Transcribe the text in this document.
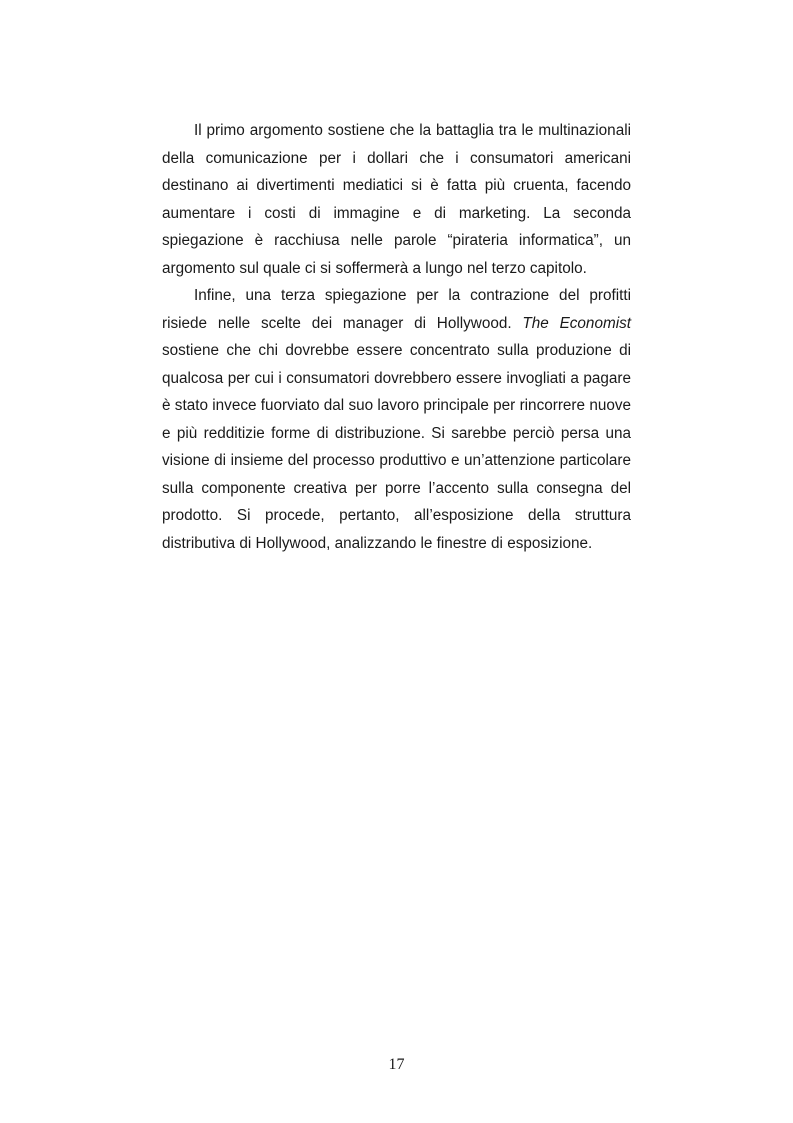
Il primo argomento sostiene che la battaglia tra le multinazionali della comunicazione per i dollari che i consumatori americani destinano ai divertimenti mediatici si è fatta più cruenta, facendo aumentare i costi di immagine e di marketing. La seconda spiegazione è racchiusa nelle parole “pirateria informatica”, un argomento sul quale ci si soffermerà a lungo nel terzo capitolo.

Infine, una terza spiegazione per la contrazione del profitti risiede nelle scelte dei manager di Hollywood. The Economist sostiene che chi dovrebbe essere concentrato sulla produzione di qualcosa per cui i consumatori dovrebbero essere invogliati a pagare è stato invece fuorviato dal suo lavoro principale per rincorrere nuove e più redditizie forme di distribuzione. Si sarebbe perciò persa una visione di insieme del processo produttivo e un’attenzione particolare sulla componente creativa per porre l’accento sulla consegna del prodotto. Si procede, pertanto, all’esposizione della struttura distributiva di Hollywood, analizzando le finestre di esposizione.

17
